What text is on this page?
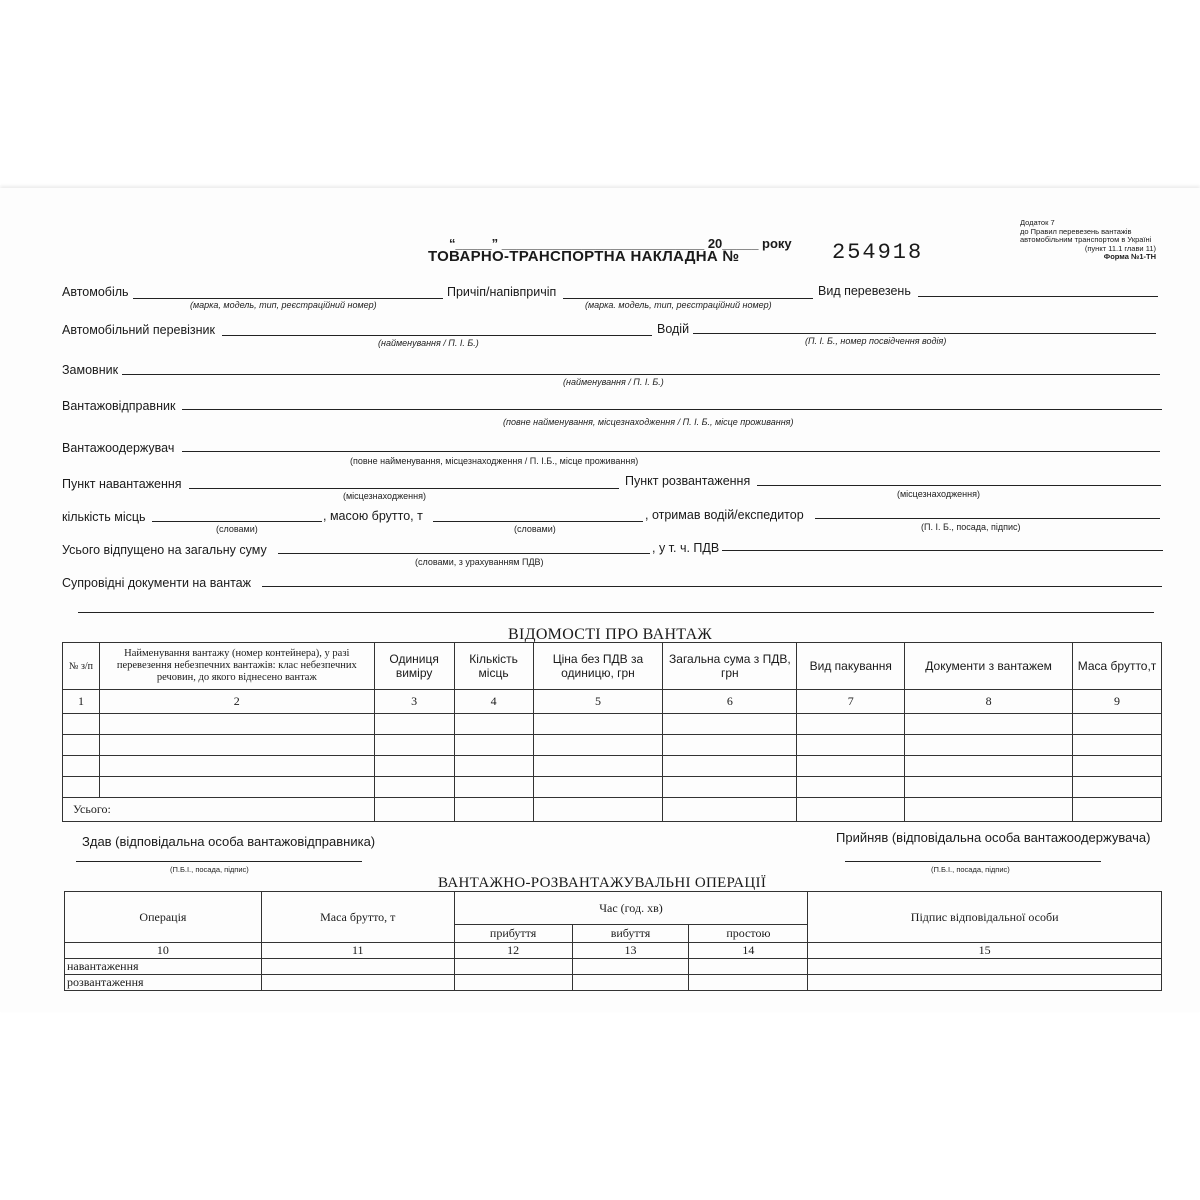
ТОВАРНО-ТРАНСПОРТНА НАКЛАДНА №	254918
“_____” ____________________________ 20_____ року
Додаток 7
до Правил перевезень вантажів
автомобільним транспортом в Україні
(пункт 11.1 глави 11)
Форма №1-ТН
Автомобіль
(марка, модель, тип, реєстраційний номер)
Причіп/напівпричіп
(марка. модель, тип, реєстраційний номер)
Вид перевезень
Автомобільний перевізник
(найменування / П. І. Б.)
Водій
(П. І. Б., номер посвідчення водія)
Замовник
(найменування / П. І. Б.)
Вантажовідправник
(повне найменування, місцезнаходження / П. І. Б., місце проживання)
Вантажоодержувач
(повне найменування, місцезнаходження / П. І.Б., місце проживання)
Пункт навантаження
(місцезнаходження)
Пункт розвантаження
(місцезнаходження)
кількість місць
(словами)
, масою брутто, т
(словами)
, отримав водій/експедитор
(П. І. Б., посада, підпис)
Усього відпущено на загальну суму
(словами, з урахуванням ПДВ)
, у т. ч. ПДВ
Супровідні документи на вантаж
ВІДОМОСТІ ПРО ВАНТАЖ
№ з/п	Найменування вантажу (номер контейнера), у разі перевезення небезпечних вантажів: клас небезпечних речовин, до якого віднесено вантаж	Одиниця виміру	Кількість місць	Ціна без ПДВ за одиницю, грн	Загальна сума з ПДВ, грн	Вид пакування	Документи з вантажем	Маса брутто,т
1	2	3	4	5	6	7	8	9

Усього:								
Здав (відповідальна особа вантажовідправника)
(П.Б.І., посада, підпис)
Прийняв (відповідальна особа вантажоодержувача)
(П.Б.І., посада, підпис)
ВАНТАЖНО-РОЗВАНТАЖУВАЛЬНІ ОПЕРАЦІЇ
Операція	Маса брутто, т	Час (год. хв)			Підпис відповідальної особи
		прибуття	вибуття	простою	
10	11	12	13	14	15
навантаження					
розвантаження					
